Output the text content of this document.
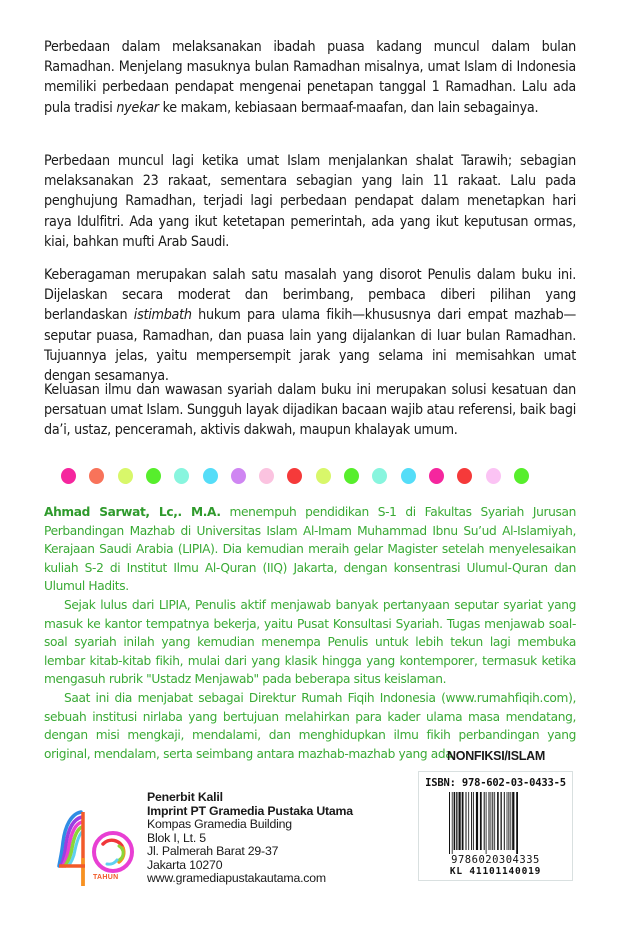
Perbedaan dalam melaksanakan ibadah puasa kadang muncul dalam bulan Ramadhan. Menjelang masuknya bulan Ramadhan misalnya, umat Islam di Indonesia memiliki perbedaan pendapat mengenai penetapan tanggal 1 Ramadhan. Lalu ada pula tradisi nyekar ke makam, kebiasaan bermaaf-maafan, dan lain sebagainya.

Perbedaan muncul lagi ketika umat Islam menjalankan shalat Tarawih; sebagian melaksanakan 23 rakaat, sementara sebagian yang lain 11 rakaat. Lalu pada penghujung Ramadhan, terjadi lagi perbedaan pendapat dalam menetapkan hari raya Idulfitri. Ada yang ikut ketetapan pemerintah, ada yang ikut keputusan ormas, kiai, bahkan mufti Arab Saudi.

Keberagaman merupakan salah satu masalah yang disorot Penulis dalam buku ini. Dijelaskan secara moderat dan berimbang, pembaca diberi pilihan yang berlandaskan istimbath hukum para ulama fikih—khususnya dari empat mazhab—seputar puasa, Ramadhan, dan puasa lain yang dijalankan di luar bulan Ramadhan. Tujuannya jelas, yaitu mempersempit jarak yang selama ini memisahkan umat dengan sesamanya.

Keluasan ilmu dan wawasan syariah dalam buku ini merupakan solusi kesatuan dan persatuan umat Islam. Sungguh layak dijadikan bacaan wajib atau referensi, baik bagi da’i, ustaz, penceramah, aktivis dakwah, maupun khalayak umum.

Ahmad Sarwat, Lc,. M.A. menempuh pendidikan S-1 di Fakultas Syariah Jurusan Perbandingan Mazhab di Universitas Islam Al-Imam Muhammad Ibnu Su’ud Al-Islamiyah, Kerajaan Saudi Arabia (LIPIA). Dia kemudian meraih gelar Magister setelah menyelesaikan kuliah S-2 di Institut Ilmu Al-Quran (IIQ) Jakarta, dengan konsentrasi Ulumul-Quran dan Ulumul Hadits.

Sejak lulus dari LIPIA, Penulis aktif menjawab banyak pertanyaan seputar syariat yang masuk ke kantor tempatnya bekerja, yaitu Pusat Konsultasi Syariah. Tugas menjawab soal-soal syariah inilah yang kemudian menempa Penulis untuk lebih tekun lagi membuka lembar kitab-kitab fikih, mulai dari yang klasik hingga yang kontemporer, termasuk ketika mengasuh rubrik "Ustadz Menjawab" pada beberapa situs keislaman.

Saat ini dia menjabat sebagai Direktur Rumah Fiqih Indonesia (www.rumahfiqih.com), sebuah institusi nirlaba yang bertujuan melahirkan para kader ulama masa mendatang, dengan misi mengkaji, mendalami, dan menghidupkan ilmu fikih perbandingan yang original, mendalam, serta seimbang antara mazhab-mazhab yang ada.

NONFIKSI/ISLAM
ISBN: 978-602-03-0433-5
9786020304335
KL 41101140019
TAHUN
Penerbit Kalil
Imprint PT Gramedia Pustaka Utama
Kompas Gramedia Building
Blok I, Lt. 5
Jl. Palmerah Barat 29-37
Jakarta 10270
www.gramediapustakautama.com
